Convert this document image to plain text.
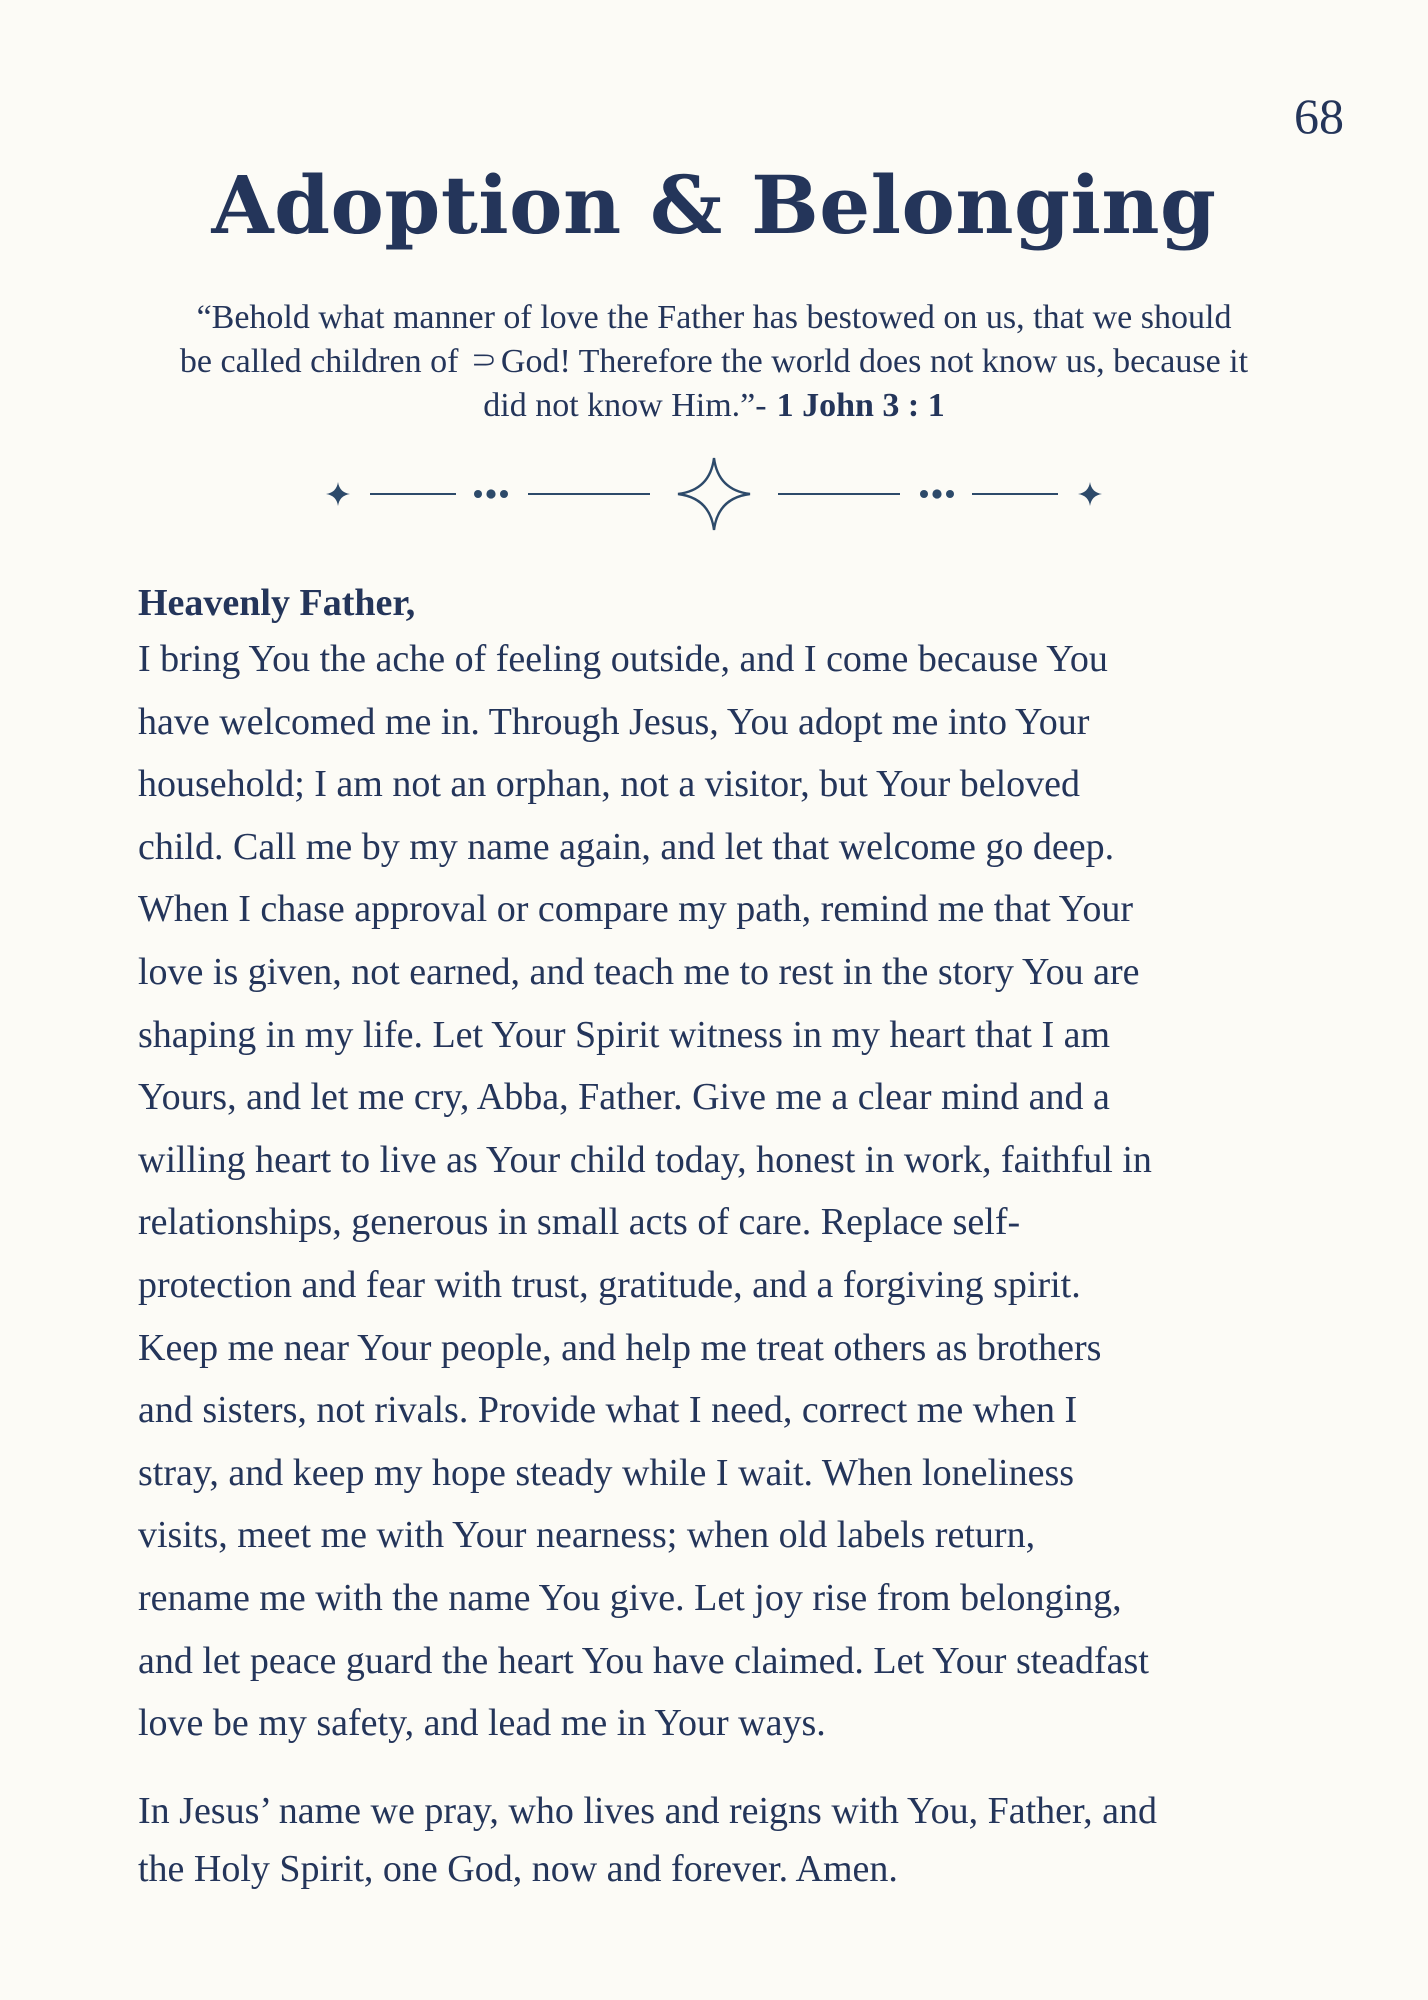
68
Adoption & Belonging
“Behold what manner of love the Father has bestowed on us, that we should
be called children of ⸧God! Therefore the world does not know us, because it
did not know Him.”- 1 John 3 : 1
Heavenly Father,
I bring You the ache of feeling outside, and I come because You
have welcomed me in. Through Jesus, You adopt me into Your
household; I am not an orphan, not a visitor, but Your beloved
child. Call me by my name again, and let that welcome go deep.
When I chase approval or compare my path, remind me that Your
love is given, not earned, and teach me to rest in the story You are
shaping in my life. Let Your Spirit witness in my heart that I am
Yours, and let me cry, Abba, Father. Give me a clear mind and a
willing heart to live as Your child today, honest in work, faithful in
relationships, generous in small acts of care. Replace self-
protection and fear with trust, gratitude, and a forgiving spirit.
Keep me near Your people, and help me treat others as brothers
and sisters, not rivals. Provide what I need, correct me when I
stray, and keep my hope steady while I wait. When loneliness
visits, meet me with Your nearness; when old labels return,
rename me with the name You give. Let joy rise from belonging,
and let peace guard the heart You have claimed. Let Your steadfast
love be my safety, and lead me in Your ways.
In Jesus’ name we pray, who lives and reigns with You, Father, and
the Holy Spirit, one God, now and forever. Amen.
